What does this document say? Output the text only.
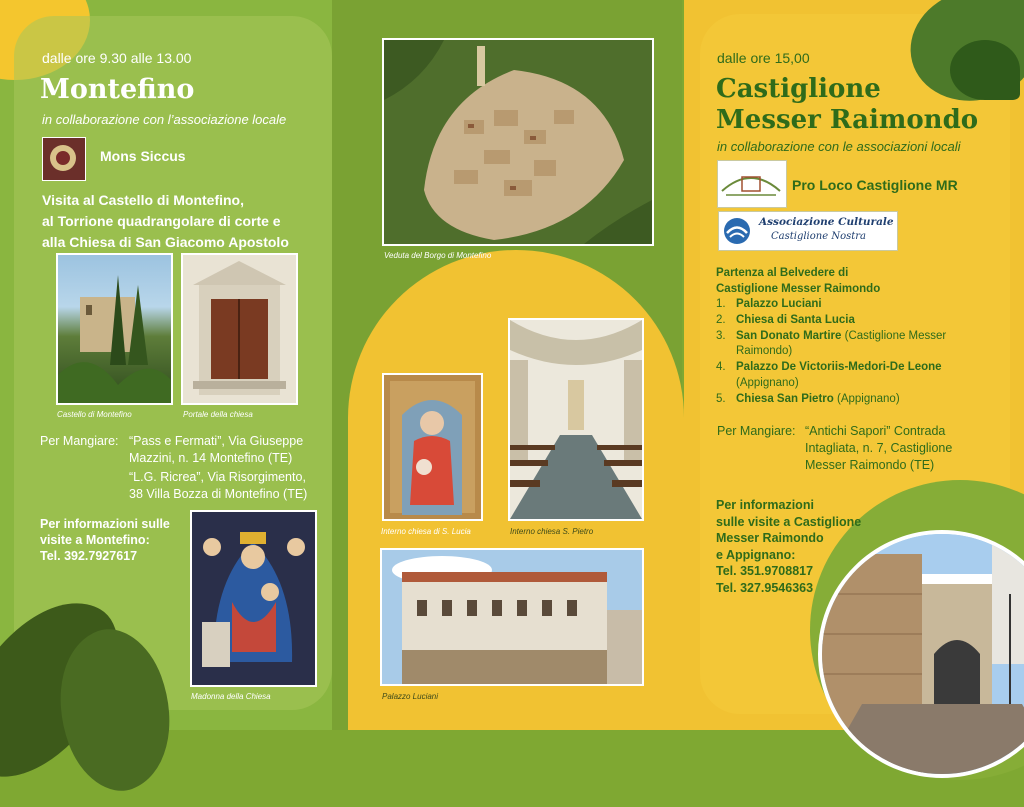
dalle ore 9.30 alle 13.00
Montefino
in collaborazione con l’associazione locale
Mons Siccus
Visita al Castello di Montefino,
al Torrione quadrangolare di corte e
alla Chiesa di San Giacomo Apostolo
Castello di Montefino	Portale della chiesa
Per Mangiare: “Pass e Fermati”, Via Giuseppe
Mazzini, n. 14 Montefino (TE)
“L.G. Ricrea”, Via Risorgimento,
38 Villa Bozza di Montefino (TE)
Per informazioni sulle
visite a Montefino:
Tel. 392.7927617
Madonna della Chiesa
Veduta del Borgo di Montefino
Interno chiesa di S. Lucia	Interno chiesa S. Pietro
Palazzo Luciani
dalle ore 15,00
Castiglione
Messer Raimondo
in collaborazione con le associazioni locali
Pro Loco Castiglione MR
Associazione Culturale
Castiglione Nostra
Partenza al Belvedere di
Castiglione Messer Raimondo
1. Palazzo Luciani
2. Chiesa di Santa Lucia
3. San Donato Martire (Castiglione Messer
Raimondo)
4. Palazzo De Victoriis-Medori-De Leone
(Appignano)
5. Chiesa San Pietro (Appignano)
Per Mangiare: “Antichi Sapori” Contrada
Intagliata, n. 7, Castiglione
Messer Raimondo (TE)
Per informazioni
sulle visite a Castiglione
Messer Raimondo
e Appignano:
Tel. 351.9708817
Tel. 327.9546363
